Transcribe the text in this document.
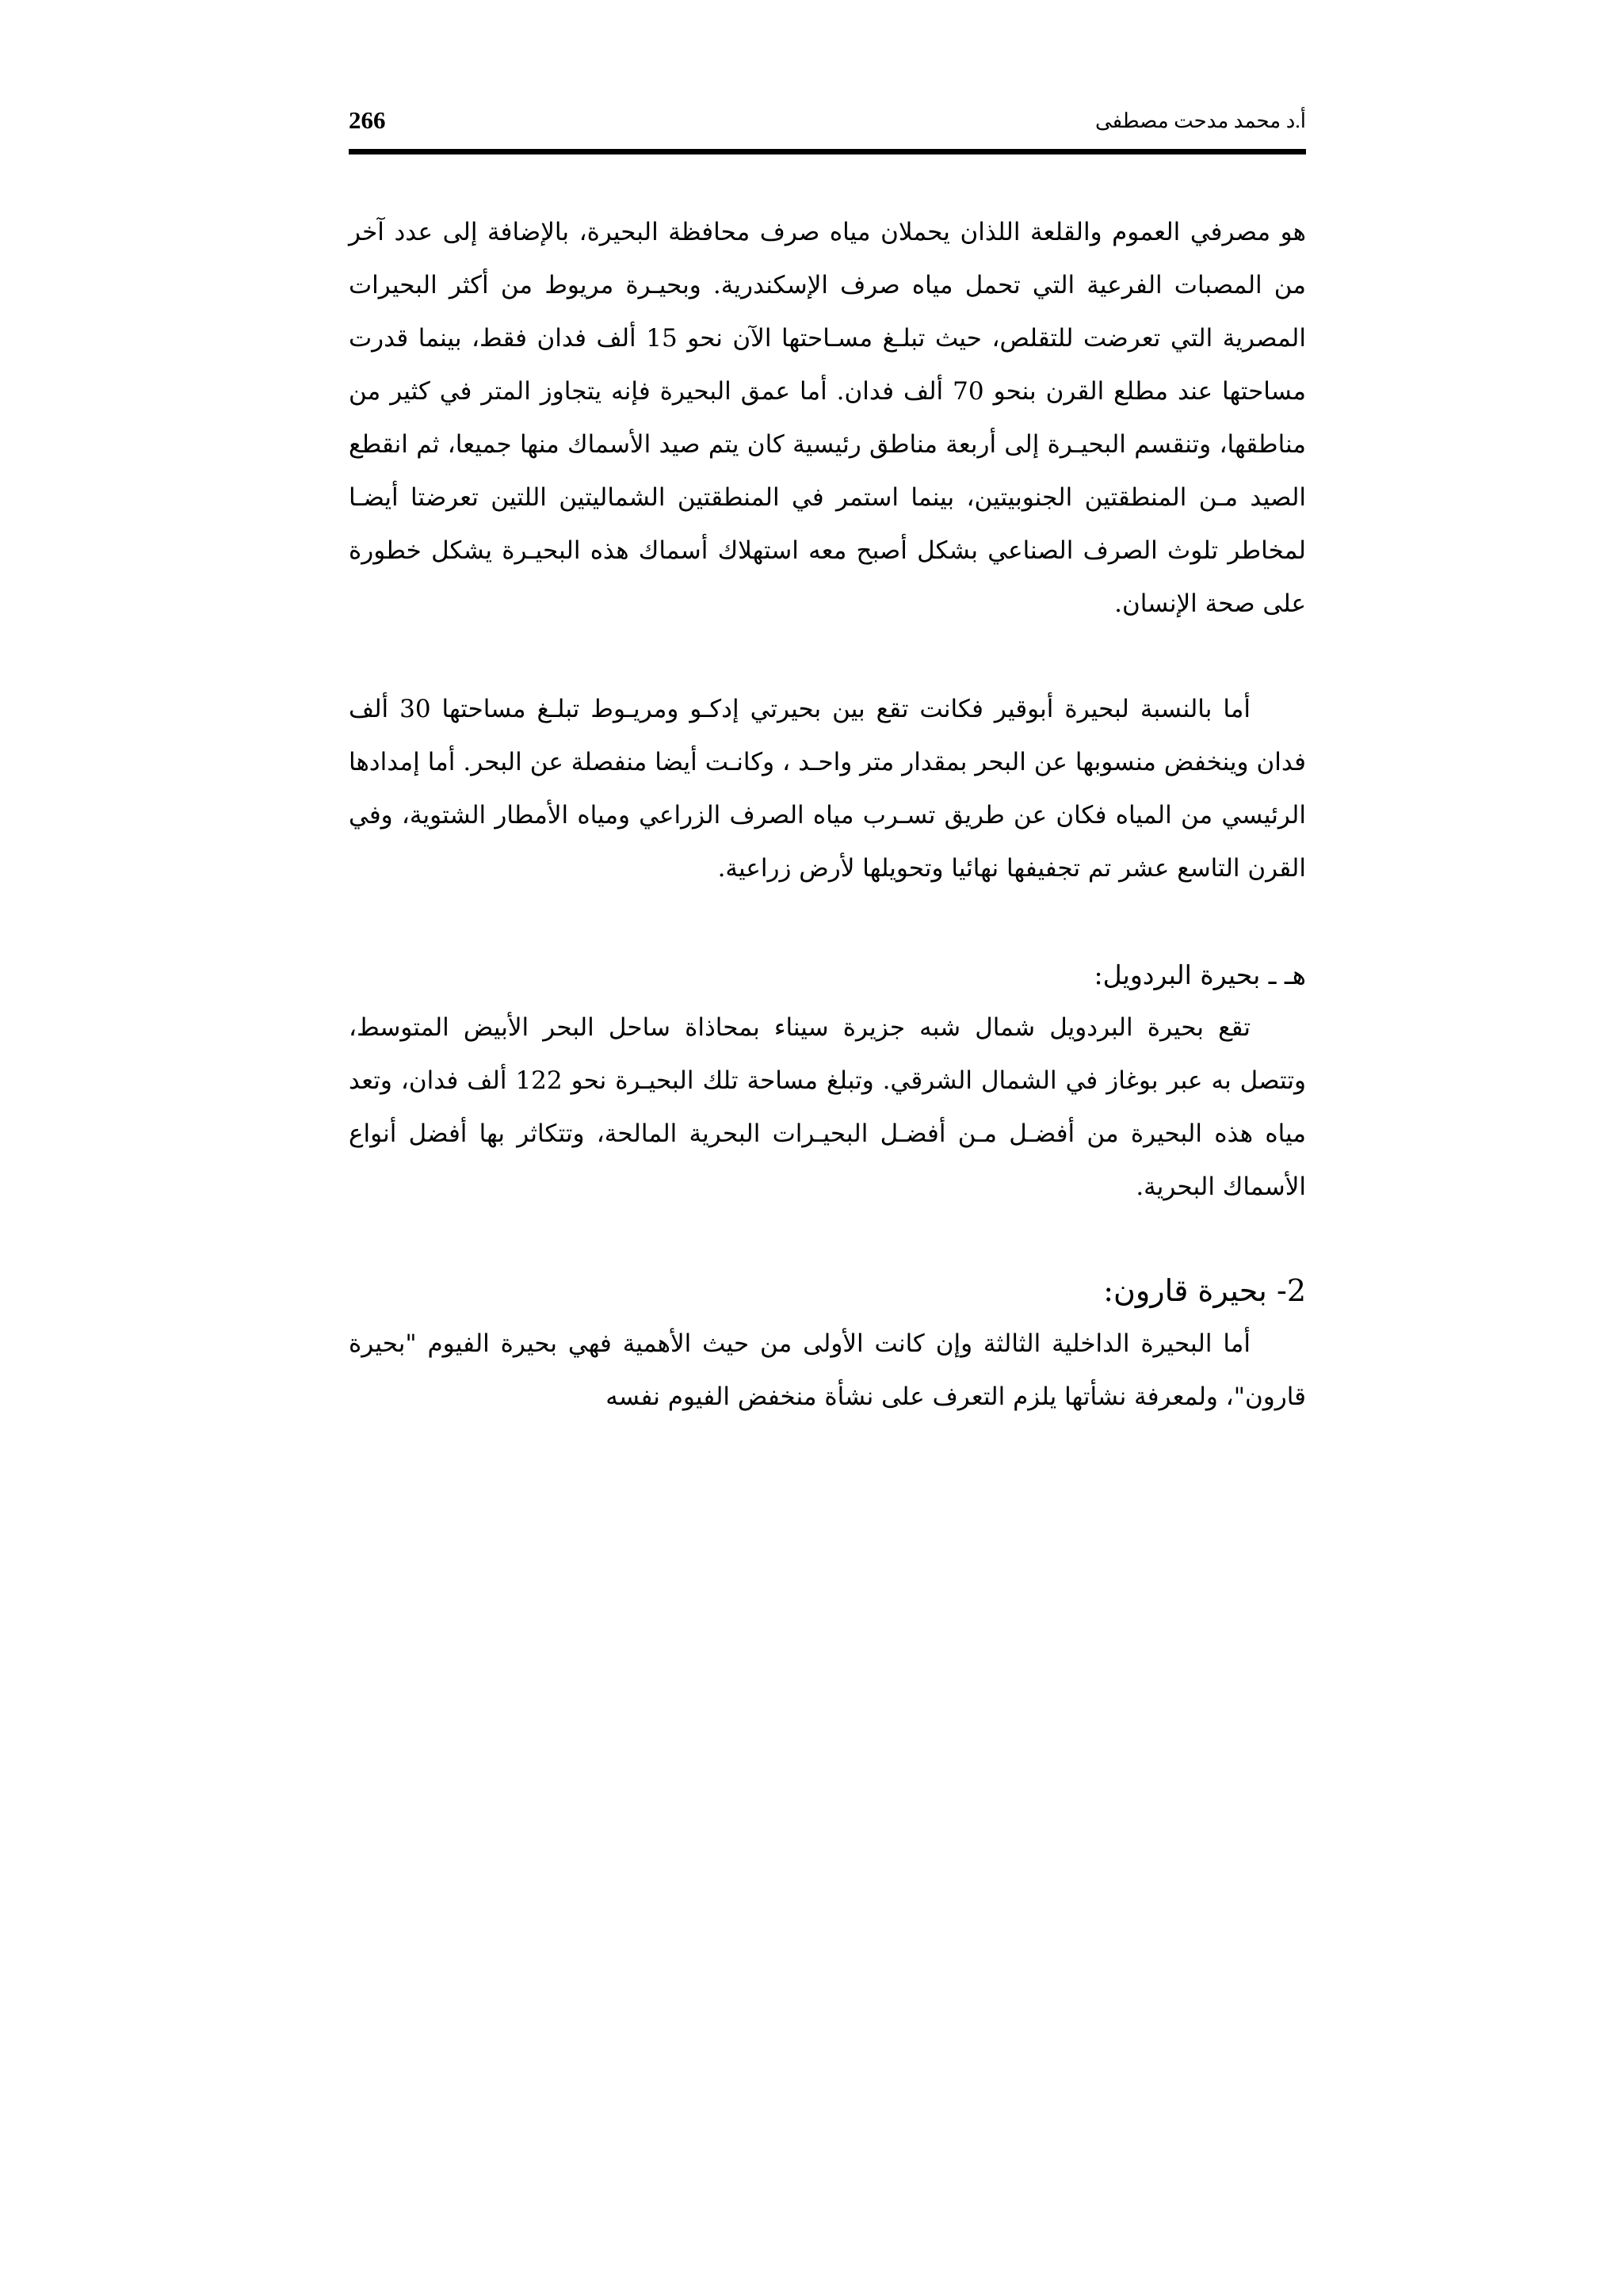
266	أ.د محمد مدحت مصطفى

هو مصرفي العموم والقلعة اللذان يحملان مياه صرف محافظة البحيرة، بالإضافة إلى عدد آخر من المصبات الفرعية التي تحمل مياه صرف الإسكندرية. وبحيـرة مريوط من أكثر البحيرات المصرية التي تعرضت للتقلص، حيث تبلـغ مسـاحتها الآن نحو 15 ألف فدان فقط، بينما قدرت مساحتها عند مطلع القرن بنحو 70 ألف فدان. أما عمق البحيرة فإنه يتجاوز المتر في كثير من مناطقها، وتنقسم البحيـرة إلى أربعة مناطق رئيسية كان يتم صيد الأسماك منها جميعا، ثم انقطع الصيد مـن المنطقتين الجنوبيتين، بينما استمر في المنطقتين الشماليتين اللتين تعرضتا أيضـا لمخاطر تلوث الصرف الصناعي بشكل أصبح معه استهلاك أسماك هذه البحيـرة يشكل خطورة على صحة الإنسان.

أما بالنسبة لبحيرة أبوقير فكانت تقع بين بحيرتي إدكـو ومريـوط تبلـغ مساحتها 30 ألف فدان وينخفض منسوبها عن البحر بمقدار متر واحـد ، وكانـت أيضا منفصلة عن البحر. أما إمدادها الرئيسي من المياه فكان عن طريق تسـرب مياه الصرف الزراعي ومياه الأمطار الشتوية، وفي القرن التاسع عشر تم تجفيفها نهائيا وتحويلها لأرض زراعية.

هـ ـ بحيرة البردويل:

تقع بحيرة البردويل شمال شبه جزيرة سيناء بمحاذاة ساحل البحر الأبيض المتوسط، وتتصل به عبر بوغاز في الشمال الشرقي. وتبلغ مساحة تلك البحيـرة نحو 122 ألف فدان، وتعد مياه هذه البحيرة من أفضـل مـن أفضـل البحيـرات البحرية المالحة، وتتكاثر بها أفضل أنواع الأسماك البحرية.

2- بحيرة قارون:

أما البحيرة الداخلية الثالثة وإن كانت الأولى من حيث الأهمية فهي بحيرة الفيوم "بحيرة قارون"، ولمعرفة نشأتها يلزم التعرف على نشأة منخفض الفيوم نفسه
